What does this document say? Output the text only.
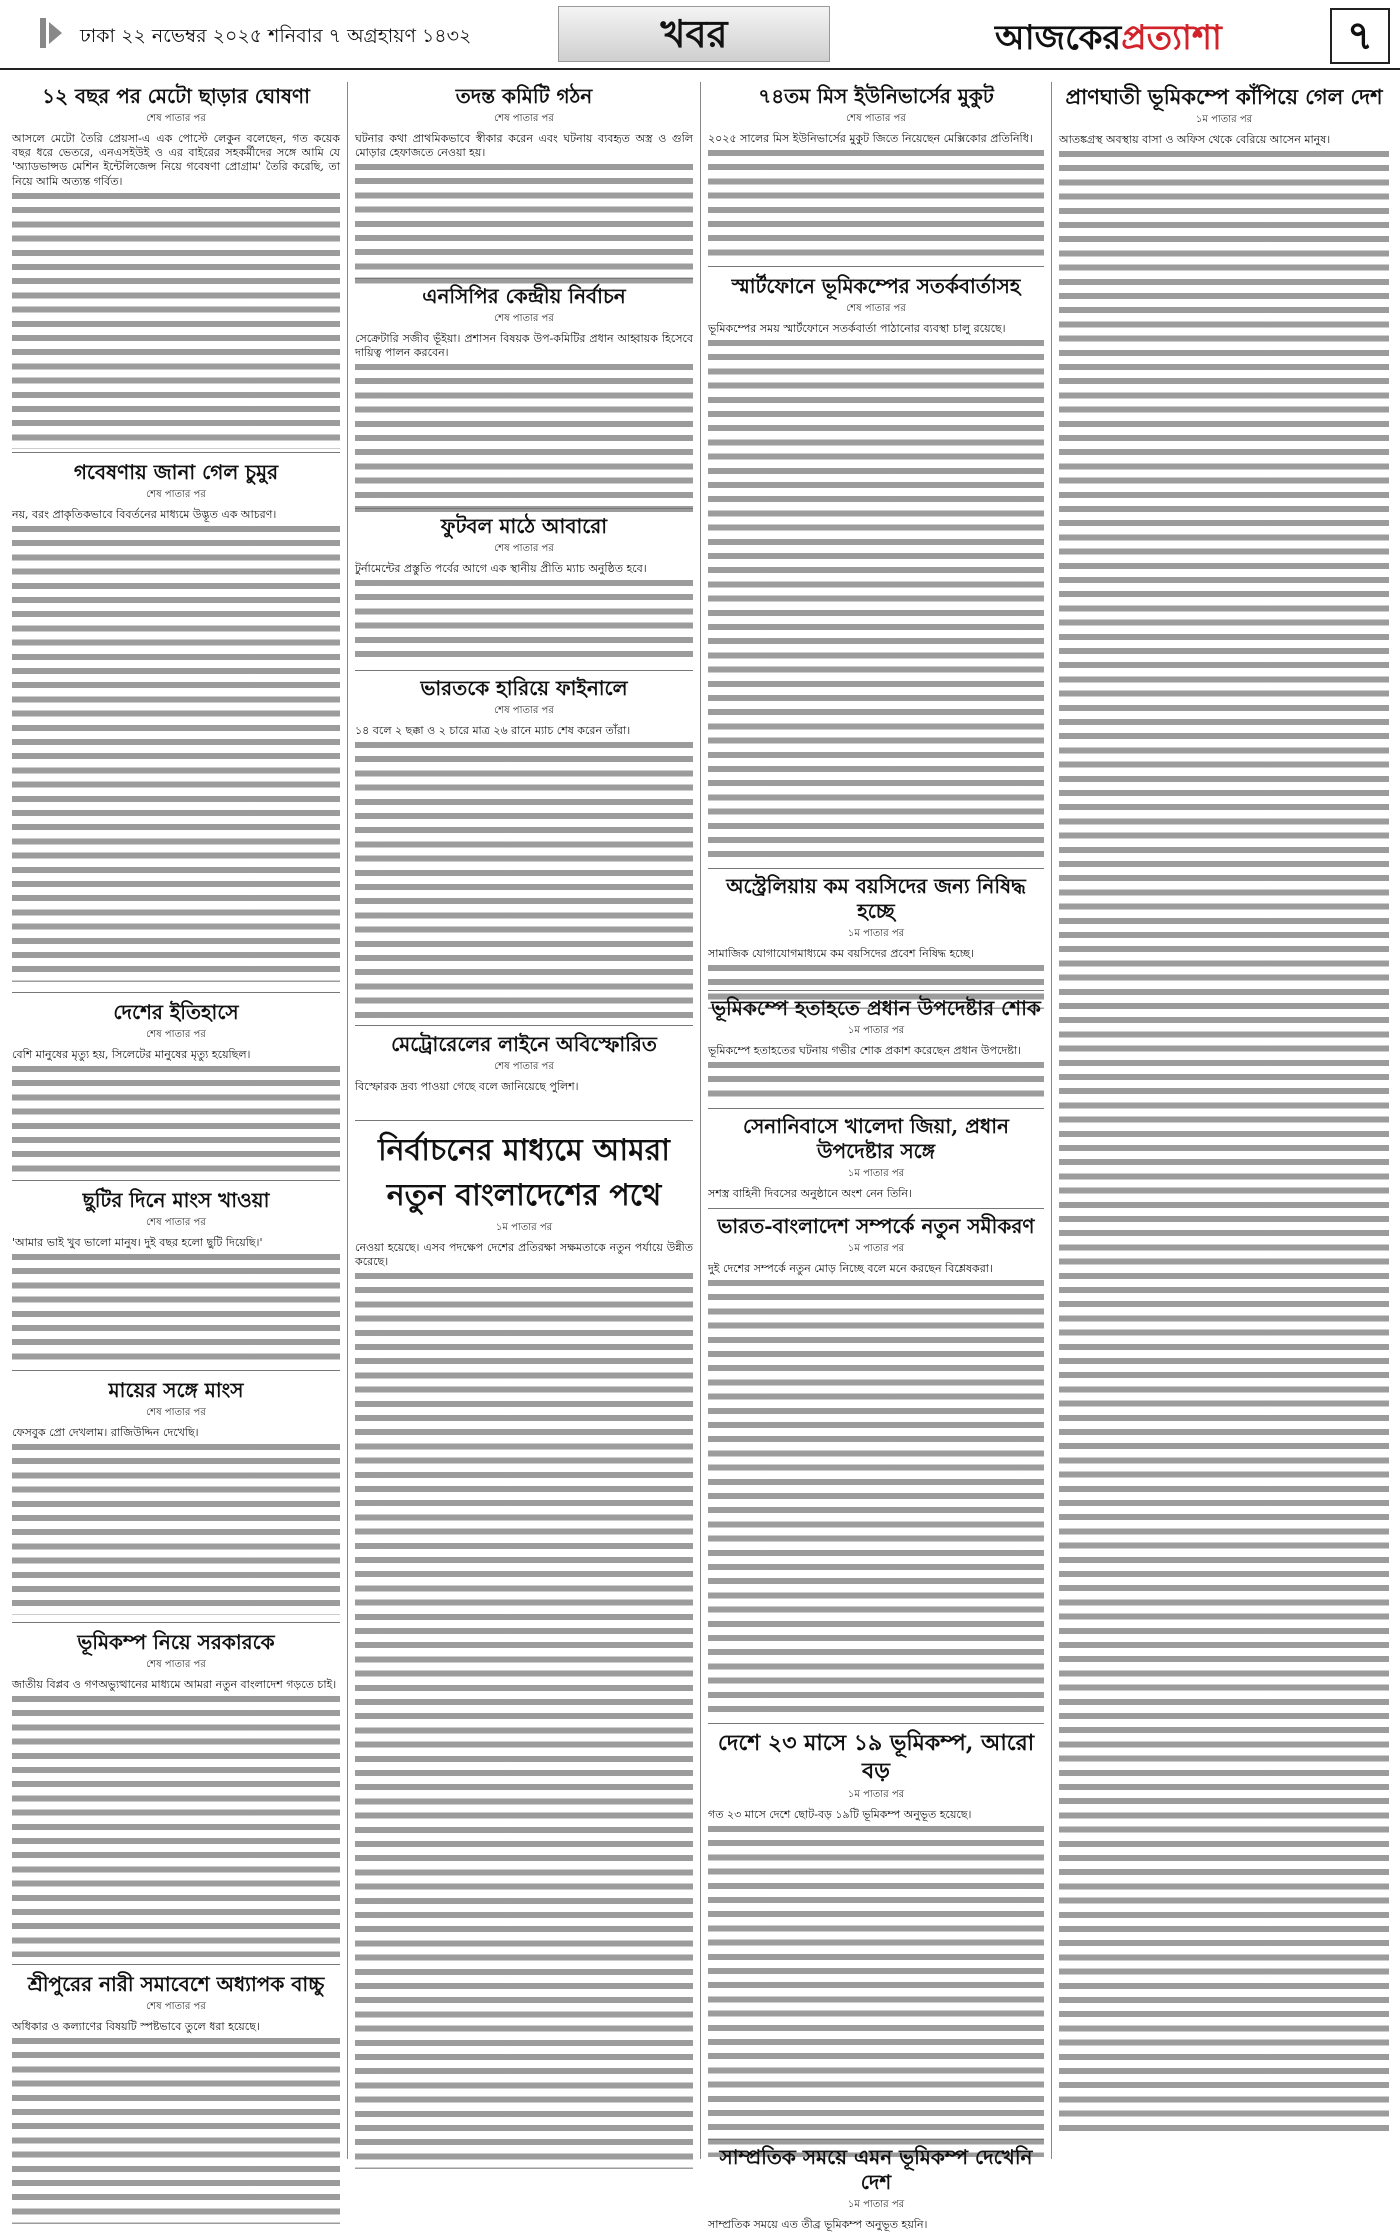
ঢাকা ২২ নভেম্বর ২০২৫ শনিবার ৭ অগ্রহায়ণ ১৪৩২	খবর	আজকেরপ্রত্যাশা	৭
১২ বছর পর মেটো ছাড়ার ঘোষণা
শেষ পাতার পর

আসলে মেটো তৈরি প্রেয়সা-এ এক পোস্টে লেকুন বলেছেন, গত কয়েক বছর ধরে ভেতরে, এনএসইউই ও এর বাইরের সহকর্মীদের সঙ্গে আমি যে 'অ্যাডভান্সড মেশিন ইন্টেলিজেন্স নিয়ে গবেষণা প্রোগ্রাম' তৈরি করেছি, তা নিয়ে আমি অত্যন্ত গর্বিত।

গবেষণায় জানা গেল চুমুর
শেষ পাতার পর

নয়, বরং প্রাকৃতিকভাবে বিবর্তনের মাধ্যমে উদ্ভূত এক আচরণ।

দেশের ইতিহাসে
শেষ পাতার পর

বেশি মানুষের মৃত্যু হয়, সিলেটের মানুষের মৃত্যু হয়েছিল।

ছুটির দিনে মাংস খাওয়া
শেষ পাতার পর

'আমার ভাই খুব ভালো মানুষ। দুই বছর হলো ছুটি দিয়েছি।'

মায়ের সঙ্গে মাংস
শেষ পাতার পর

ফেসবুক প্রো দেখলাম। রাজিউদ্দিন দেখেছি।

ভূমিকম্প নিয়ে সরকারকে
শেষ পাতার পর

জাতীয় বিপ্লব ও গণঅভ্যুত্থানের মাধ্যমে আমরা নতুন বাংলাদেশ গড়তে চাই।

শ্রীপুরের নারী সমাবেশে অধ্যাপক বাচ্চু
শেষ পাতার পর

অধিকার ও কল্যাণের বিষয়টি স্পষ্টভাবে তুলে ধরা হয়েছে।

তদন্ত কমিটি গঠন
শেষ পাতার পর

ঘটনার কথা প্রাথমিকভাবে স্বীকার করেন এবং ঘটনায় ব্যবহৃত অস্ত্র ও গুলি মোড়ার হেফাজতে নেওয়া হয়।

এনসিপির কেন্দ্রীয় নির্বাচন
শেষ পাতার পর

সেক্রেটারি সজীব ভূঁইয়া। প্রশাসন বিষয়ক উপ-কমিটির প্রধান আহ্বায়ক হিসেবে দায়িত্ব পালন করবেন।

ফুটবল মাঠে আবারো
শেষ পাতার পর

টুর্নামেন্টের প্রস্তুতি পর্বের আগে এক স্থানীয় প্রীতি ম্যাচ অনুষ্ঠিত হবে।

ভারতকে হারিয়ে ফাইনালে
শেষ পাতার পর

১৪ বলে ২ ছক্কা ও ২ চারে মাত্র ২৬ রানে ম্যাচ শেষ করেন তাঁরা।

মেট্রোরেলের লাইনে অবিস্ফোরিত
শেষ পাতার পর

বিস্ফোরক দ্রব্য পাওয়া গেছে বলে জানিয়েছে পুলিশ।

নির্বাচনের মাধ্যমে আমরা নতুন বাংলাদেশের পথে
১ম পাতার পর

নেওয়া হয়েছে। এসব পদক্ষেপ দেশের প্রতিরক্ষা সক্ষমতাকে নতুন পর্যায়ে উন্নীত করেছে।

৭৪তম মিস ইউনিভার্সের মুকুট
শেষ পাতার পর

২০২৫ সালের মিস ইউনিভার্সের মুকুট জিতে নিয়েছেন মেক্সিকোর প্রতিনিধি।

স্মার্টফোনে ভূমিকম্পের সতর্কবার্তাসহ
শেষ পাতার পর

ভূমিকম্পের সময় স্মার্টফোনে সতর্কবার্তা পাঠানোর ব্যবস্থা চালু রয়েছে।

অস্ট্রেলিয়ায় কম বয়সিদের জন্য নিষিদ্ধ হচ্ছে
১ম পাতার পর

সামাজিক যোগাযোগমাধ্যমে কম বয়সিদের প্রবেশ নিষিদ্ধ হচ্ছে।

ভূমিকম্পে হতাহতে প্রধান উপদেষ্টার শোক
১ম পাতার পর

ভূমিকম্পে হতাহতের ঘটনায় গভীর শোক প্রকাশ করেছেন প্রধান উপদেষ্টা।

সেনানিবাসে খালেদা জিয়া, প্রধান উপদেষ্টার সঙ্গে
১ম পাতার পর

সশস্ত্র বাহিনী দিবসের অনুষ্ঠানে অংশ নেন তিনি।

ভারত-বাংলাদেশ সম্পর্কে নতুন সমীকরণ
১ম পাতার পর

দুই দেশের সম্পর্কে নতুন মোড় নিচ্ছে বলে মনে করছেন বিশ্লেষকরা।

দেশে ২৩ মাসে ১৯ ভূমিকম্প, আরো বড়
১ম পাতার পর

গত ২৩ মাসে দেশে ছোট-বড় ১৯টি ভূমিকম্প অনুভূত হয়েছে।

সাম্প্রতিক সময়ে এমন ভূমিকম্প দেখেনি দেশ
১ম পাতার পর

সাম্প্রতিক সময়ে এত তীব্র ভূমিকম্প অনুভূত হয়নি।

প্রাণঘাতী ভূমিকম্পে কাঁপিয়ে গেল দেশ
১ম পাতার পর

আতঙ্কগ্রস্থ অবস্থায় বাসা ও অফিস থেকে বেরিয়ে আসেন মানুষ।
